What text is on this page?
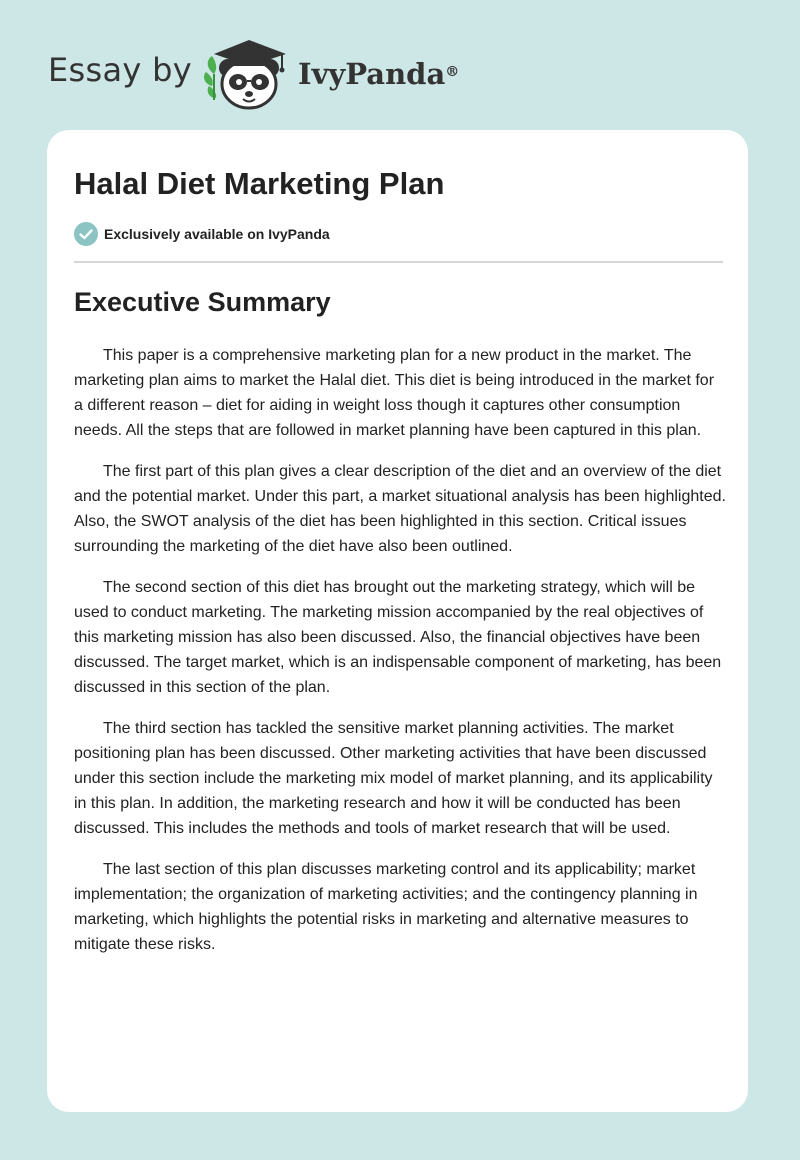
Essay by	IvyPanda®
Halal Diet Marketing Plan
Exclusively available on IvyPanda
Executive Summary

This paper is a comprehensive marketing plan for a new product in the market. The marketing plan aims to market the Halal diet. This diet is being introduced in the market for a different reason – diet for aiding in weight loss though it captures other consumption needs. All the steps that are followed in market planning have been captured in this plan.

The first part of this plan gives a clear description of the diet and an overview of the diet and the potential market. Under this part, a market situational analysis has been highlighted. Also, the SWOT analysis of the diet has been highlighted in this section. Critical issues surrounding the marketing of the diet have also been outlined.

The second section of this diet has brought out the marketing strategy, which will be used to conduct marketing. The marketing mission accompanied by the real objectives of this marketing mission has also been discussed. Also, the financial objectives have been discussed. The target market, which is an indispensable component of marketing, has been discussed in this section of the plan.

The third section has tackled the sensitive market planning activities. The market positioning plan has been discussed. Other marketing activities that have been discussed under this section include the marketing mix model of market planning, and its applicability in this plan. In addition, the marketing research and how it will be conducted has been discussed. This includes the methods and tools of market research that will be used.

The last section of this plan discusses marketing control and its applicability; market implementation; the organization of marketing activities; and the contingency planning in marketing, which highlights the potential risks in marketing and alternative measures to mitigate these risks.
